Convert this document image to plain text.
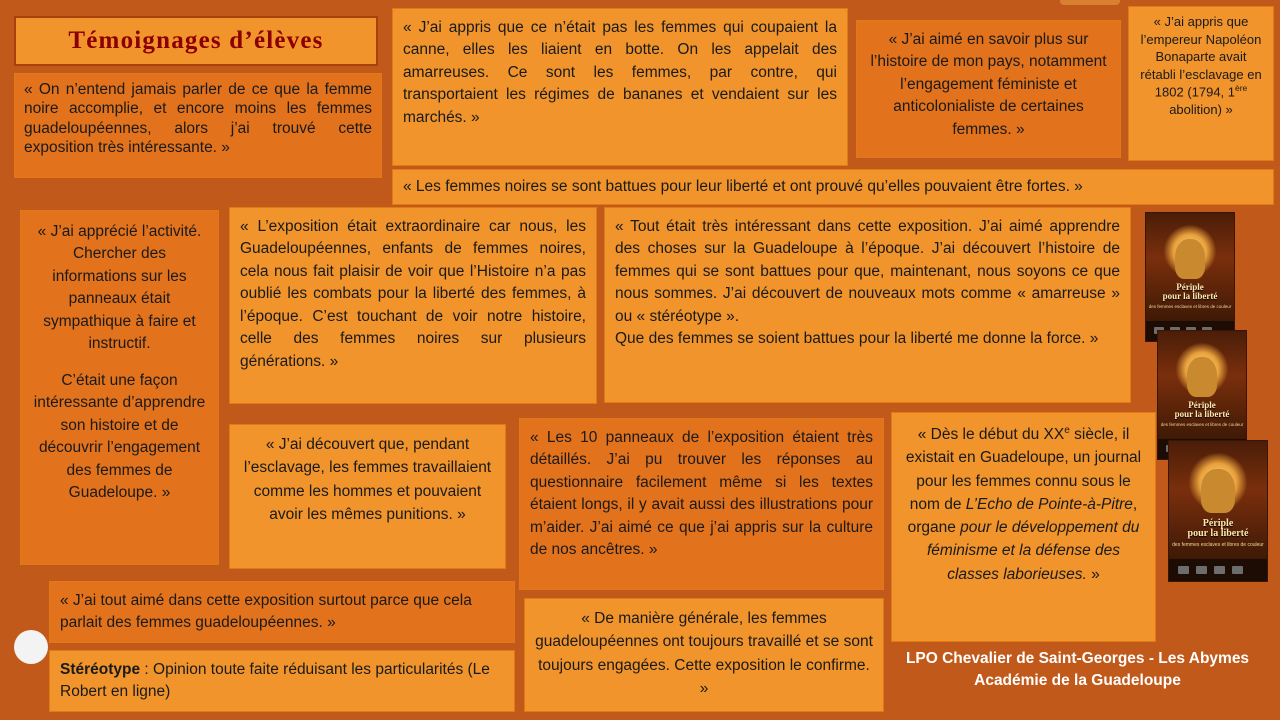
Témoignages d’élèves
« On n’entend jamais parler de ce que la femme noire accomplie, et encore moins les femmes guadeloupéennes, alors j’ai trouvé cette exposition très intéressante. »
« J’ai appris que ce n’était pas les femmes qui coupaient la canne, elles les liaient en botte. On les appelait des amarreuses. Ce sont les femmes, par contre, qui transportaient les régimes de bananes et vendaient sur les marchés. »
« J’ai aimé en savoir plus sur l’histoire de mon pays, notamment l’engagement féministe et anticolonialiste de certaines femmes. »
« J’ai appris que l’empereur Napoléon Bonaparte avait rétabli l’esclavage en 1802 (1794, 1ère abolition) »
« Les femmes noires se sont battues pour leur liberté et ont prouvé qu’elles pouvaient être fortes. »
« J’ai apprécié l’activité. Chercher des informations sur les panneaux était sympathique à faire et instructif.
C’était une façon intéressante d’apprendre son histoire et de découvrir l’engagement des femmes de Guadeloupe. »
« L’exposition était extraordinaire car nous, les Guadeloupéennes, enfants de femmes noires, cela nous fait plaisir de voir que l’Histoire n’a pas oublié les combats pour la liberté des femmes, à l’époque. C’est touchant de voir notre histoire, celle des femmes noires sur plusieurs générations. »
« Tout était très intéressant dans cette exposition. J’ai aimé apprendre des choses sur la Guadeloupe à l’époque. J’ai découvert l’histoire de femmes qui se sont battues pour que, maintenant, nous soyons ce que nous sommes. J’ai découvert de nouveaux mots comme « amarreuse » ou « stéréotype ».
Que des femmes se soient battues pour la liberté me donne la force. »
« J’ai découvert que, pendant l’esclavage, les femmes travaillaient comme les hommes et pouvaient avoir les mêmes punitions. »
« Les 10 panneaux de l’exposition étaient très détaillés. J’ai pu trouver les réponses au questionnaire facilement même si les textes étaient longs, il y avait aussi des illustrations pour m’aider. J’ai aimé ce que j’ai appris sur la culture de nos ancêtres. »
« Dès le début du XXe siècle, il existait en Guadeloupe, un journal pour les femmes connu sous le nom de L’Echo de Pointe-à-Pitre, organe pour le développement du féminisme et la défense des classes laborieuses. »
« J’ai tout aimé dans cette exposition surtout parce que cela parlait des femmes guadeloupéennes. »
Stéréotype : Opinion toute faite réduisant les particularités (Le Robert en ligne)
« De manière générale, les femmes guadeloupéennes ont toujours travaillé et se sont toujours engagées. Cette exposition le confirme. »
Périple
pour la liberté
des femmes esclaves et libres de couleur
Périple
pour la liberté
des femmes esclaves et libres de couleur
Périple
pour la liberté
des femmes esclaves et libres de couleur
LPO Chevalier de Saint-Georges - Les Abymes
Académie de la Guadeloupe
